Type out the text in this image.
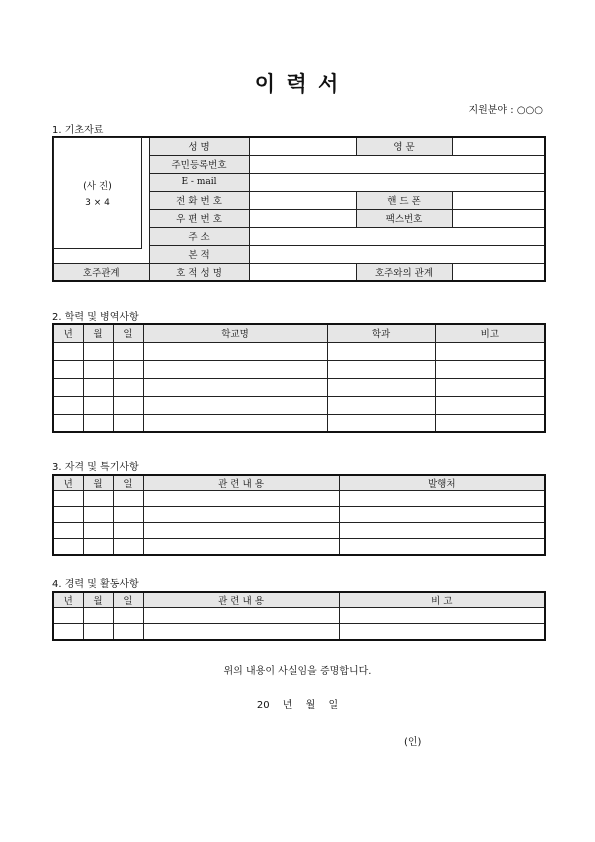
이 력 서
지원분야 : ○○○
1. 기초자료
	성 명		영 문	
	주민등록번호			
	E - mail			
	전 화 번 호		핸 드 폰	
	우 편 번 호		팩스번호	
	주 소			
	본 적			
호주관계	호 적 성 명		호주와의 관계	
(사 진)
3 × 4
2. 학력 및 병역사항
년	월	일	학교명	학과	비고

3. 자격 및 특기사항
년	월	일	관 련 내 용	발행처

4. 경력 및 활동사항
년	월	일	관 련 내 용	비 고

위의 내용이 사실임을 증명합니다.
20 년 월 일
(인)
